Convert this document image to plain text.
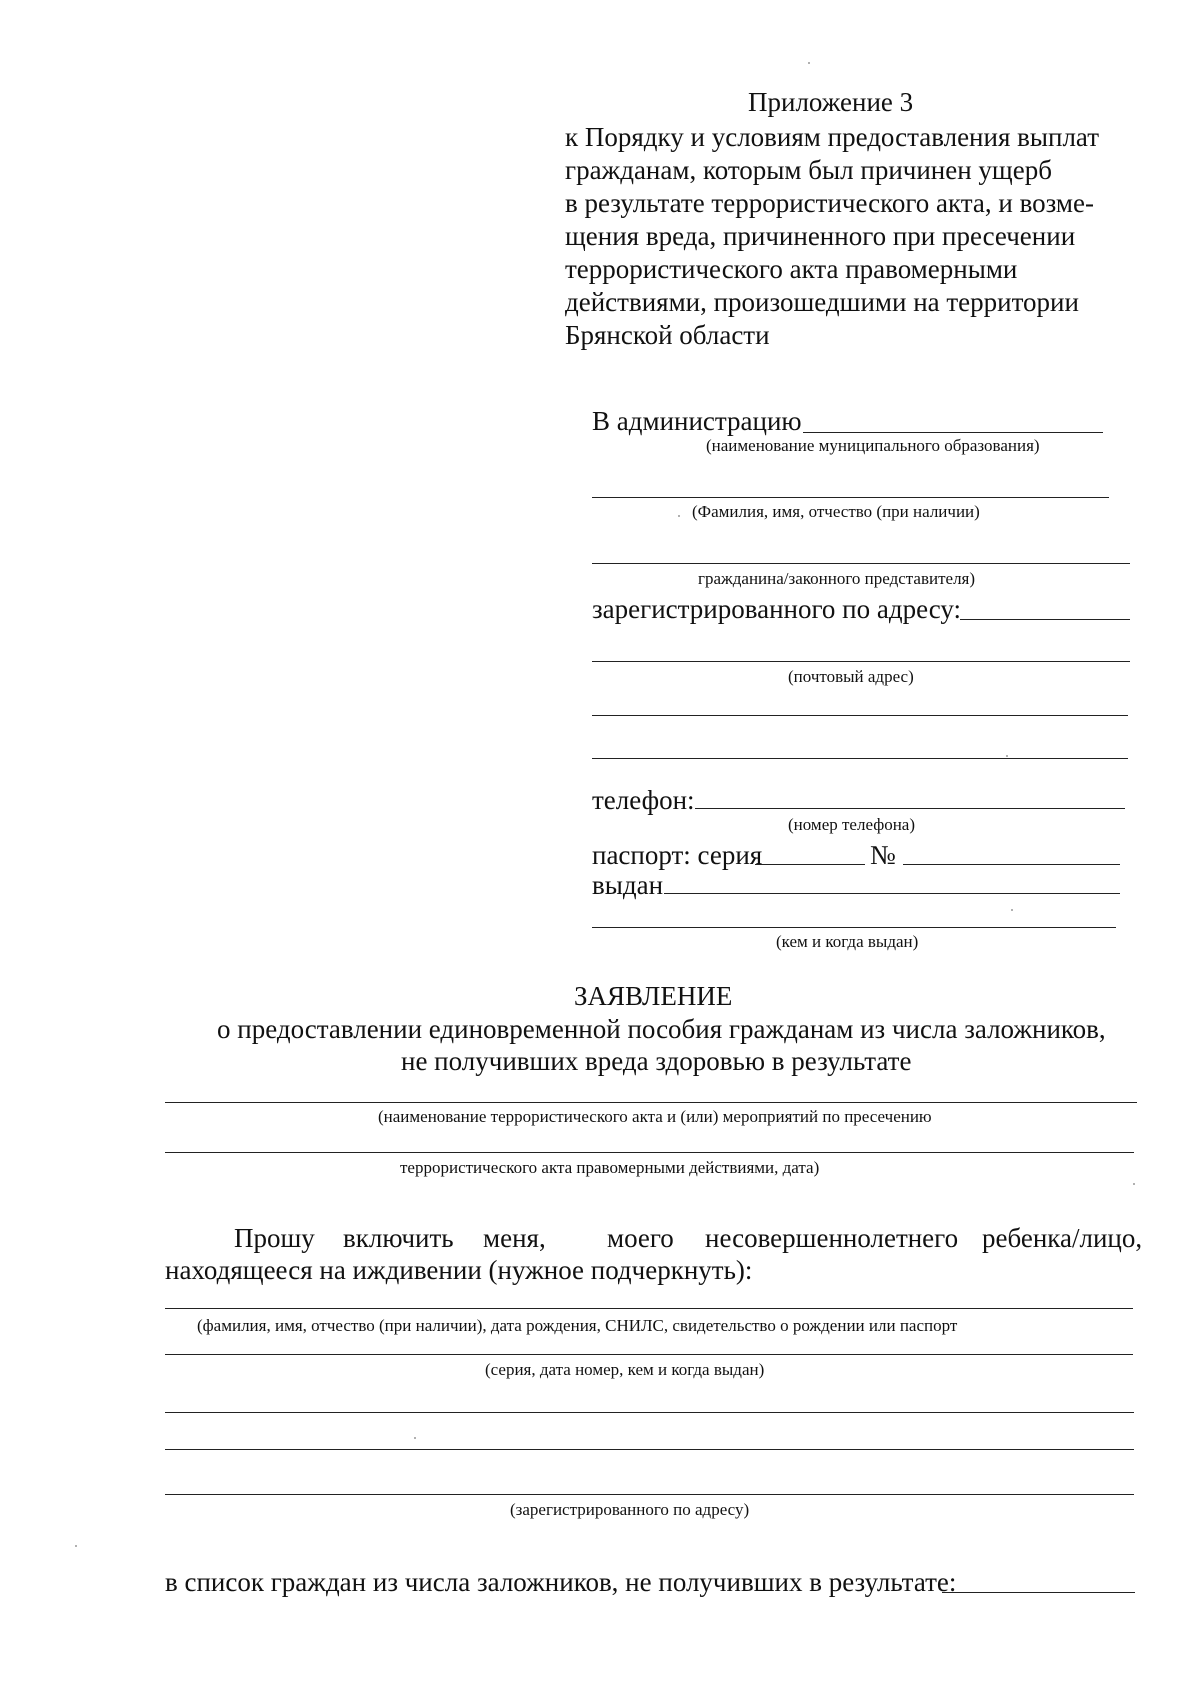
Приложение 3
к Порядку и условиям предоставления выплат
гражданам, которым был причинен ущерб
в результате террористического акта, и возме-
щения вреда, причиненного при пресечении
террористического акта правомерными
действиями, произошедшими на территории
Брянской области
В администрацию
(наименование муниципального образования)
(Фамилия, имя, отчество (при наличии)
гражданина/законного представителя)
зарегистрированного по адресу:
(почтовый адрес)
телефон:
(номер телефона)
паспорт: серия	№
выдан
(кем и когда выдан)
ЗАЯВЛЕНИЕ
о предоставлении единовременной пособия гражданам из числа заложников,
не получивших вреда здоровью в результате
(наименование террористического акта и (или) мероприятий по пресечению
террористического акта правомерными действиями, дата)
Прошу включить меня, моего несовершеннолетнего ребенка/лицо,
находящееся на иждивении (нужное подчеркнуть):
(фамилия, имя, отчество (при наличии), дата рождения, СНИЛС, свидетельство о рождении или паспорт
(серия, дата номер, кем и когда выдан)
(зарегистрированного по адресу)
в список граждан из числа заложников, не получивших в результате:
